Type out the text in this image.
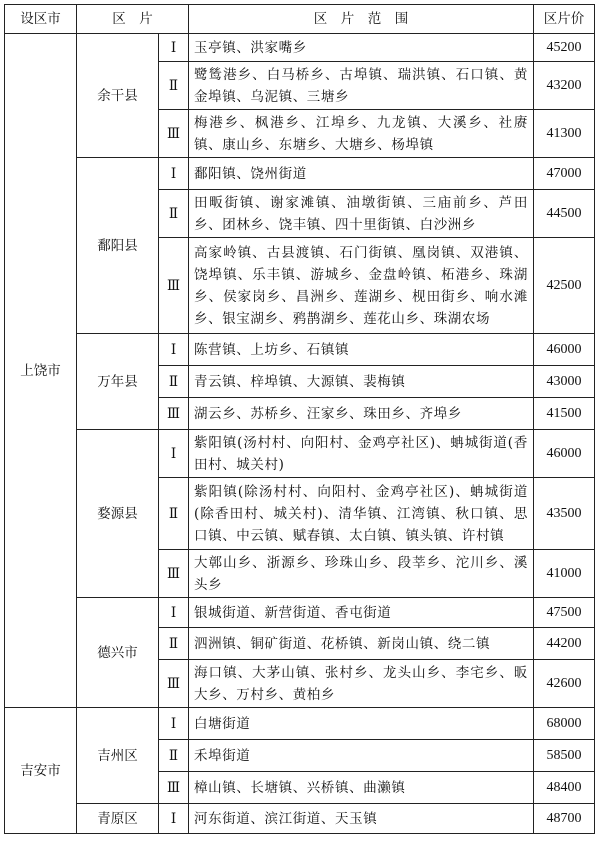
设区市	区　片		区　片　范　围	区片价
上饶市	余干县	Ⅰ	玉亭镇、洪家嘴乡	45200
		Ⅱ	鹭鸶港乡、白马桥乡、古埠镇、瑞洪镇、石口镇、黄金埠镇、乌泥镇、三塘乡	43200
		Ⅲ	梅港乡、枫港乡、江埠乡、九龙镇、大溪乡、社赓镇、康山乡、东塘乡、大塘乡、杨埠镇	41300
	鄱阳县	Ⅰ	鄱阳镇、饶州街道	47000
		Ⅱ	田畈街镇、谢家滩镇、油墩街镇、三庙前乡、芦田乡、团林乡、饶丰镇、四十里街镇、白沙洲乡	44500
		Ⅲ	高家岭镇、古县渡镇、石门街镇、凰岗镇、双港镇、饶埠镇、乐丰镇、游城乡、金盘岭镇、柘港乡、珠湖乡、侯家岗乡、昌洲乡、莲湖乡、枧田街乡、响水滩乡、银宝湖乡、鸦鹊湖乡、莲花山乡、珠湖农场	42500
	万年县	Ⅰ	陈营镇、上坊乡、石镇镇	46000
		Ⅱ	青云镇、梓埠镇、大源镇、裴梅镇	43000
		Ⅲ	湖云乡、苏桥乡、汪家乡、珠田乡、齐埠乡	41500
	婺源县	Ⅰ	紫阳镇(汤村村、向阳村、金鸡亭社区)、蚺城街道(香田村、城关村)	46000
		Ⅱ	紫阳镇(除汤村村、向阳村、金鸡亭社区)、蚺城街道(除香田村、城关村)、清华镇、江湾镇、秋口镇、思口镇、中云镇、赋春镇、太白镇、镇头镇、许村镇	43500
		Ⅲ	大鄣山乡、浙源乡、珍珠山乡、段莘乡、沱川乡、溪头乡	41000
	德兴市	Ⅰ	银城街道、新营街道、香屯街道	47500
		Ⅱ	泗洲镇、铜矿街道、花桥镇、新岗山镇、绕二镇	44200
		Ⅲ	海口镇、大茅山镇、张村乡、龙头山乡、李宅乡、昄大乡、万村乡、黄柏乡	42600
吉安市	吉州区	Ⅰ	白塘街道	68000
		Ⅱ	禾埠街道	58500
		Ⅲ	樟山镇、长塘镇、兴桥镇、曲濑镇	48400
	青原区	Ⅰ	河东街道、滨江街道、天玉镇	48700
